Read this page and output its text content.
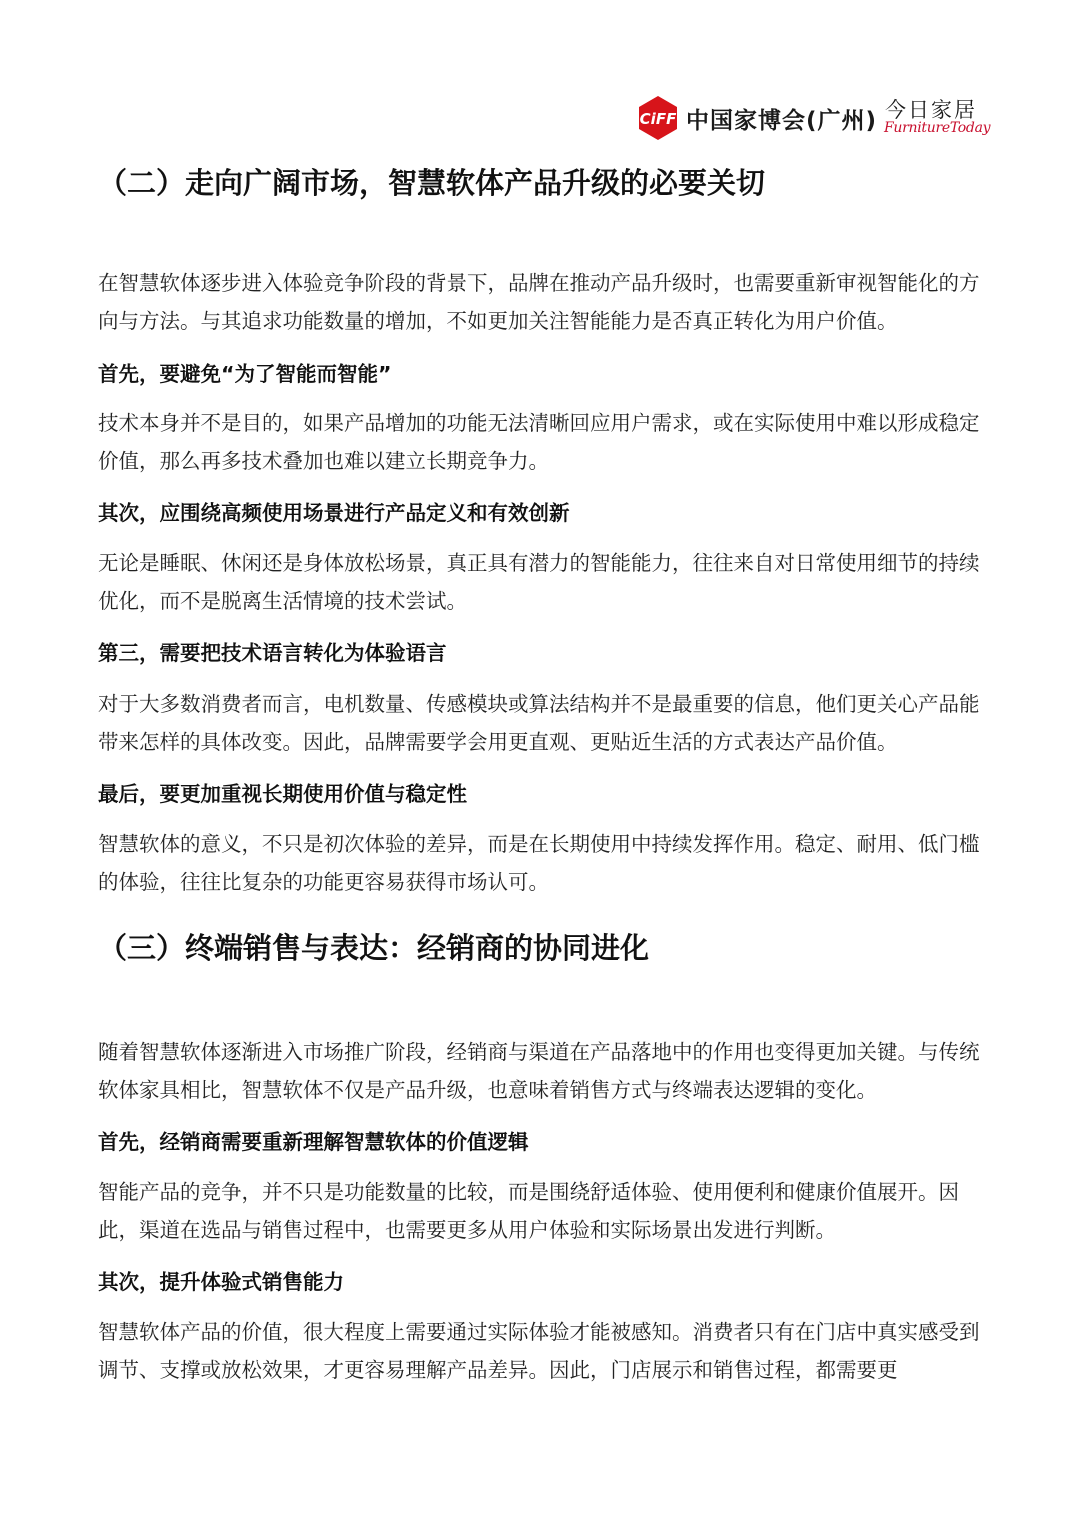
CiFF 中国家博会(广州) 今日家居
FurnitureToday
（二）走向广阔市场，智慧软体产品升级的必要关切
在智慧软体逐步进入体验竞争阶段的背景下，品牌在推动产品升级时，也需要重新审视智能化的方向与方法。与其追求功能数量的增加，不如更加关注智能能力是否真正转化为用户价值。
首先，要避免“为了智能而智能”
技术本身并不是目的，如果产品增加的功能无法清晰回应用户需求，或在实际使用中难以形成稳定价值，那么再多技术叠加也难以建立长期竞争力。
其次，应围绕高频使用场景进行产品定义和有效创新
无论是睡眠、休闲还是身体放松场景，真正具有潜力的智能能力，往往来自对日常使用细节的持续优化，而不是脱离生活情境的技术尝试。
第三，需要把技术语言转化为体验语言
对于大多数消费者而言，电机数量、传感模块或算法结构并不是最重要的信息，他们更关心产品能带来怎样的具体改变。因此，品牌需要学会用更直观、更贴近生活的方式表达产品价值。
最后，要更加重视长期使用价值与稳定性
智慧软体的意义，不只是初次体验的差异，而是在长期使用中持续发挥作用。稳定、耐用、低门槛的体验，往往比复杂的功能更容易获得市场认可。
（三）终端销售与表达：经销商的协同进化
随着智慧软体逐渐进入市场推广阶段，经销商与渠道在产品落地中的作用也变得更加关键。与传统软体家具相比，智慧软体不仅是产品升级，也意味着销售方式与终端表达逻辑的变化。
首先，经销商需要重新理解智慧软体的价值逻辑
智能产品的竞争，并不只是功能数量的比较，而是围绕舒适体验、使用便利和健康价值展开。因此，渠道在选品与销售过程中，也需要更多从用户体验和实际场景出发进行判断。
其次，提升体验式销售能力
智慧软体产品的价值，很大程度上需要通过实际体验才能被感知。消费者只有在门店中真实感受到调节、支撑或放松效果，才更容易理解产品差异。因此，门店展示和销售过程，都需要更
